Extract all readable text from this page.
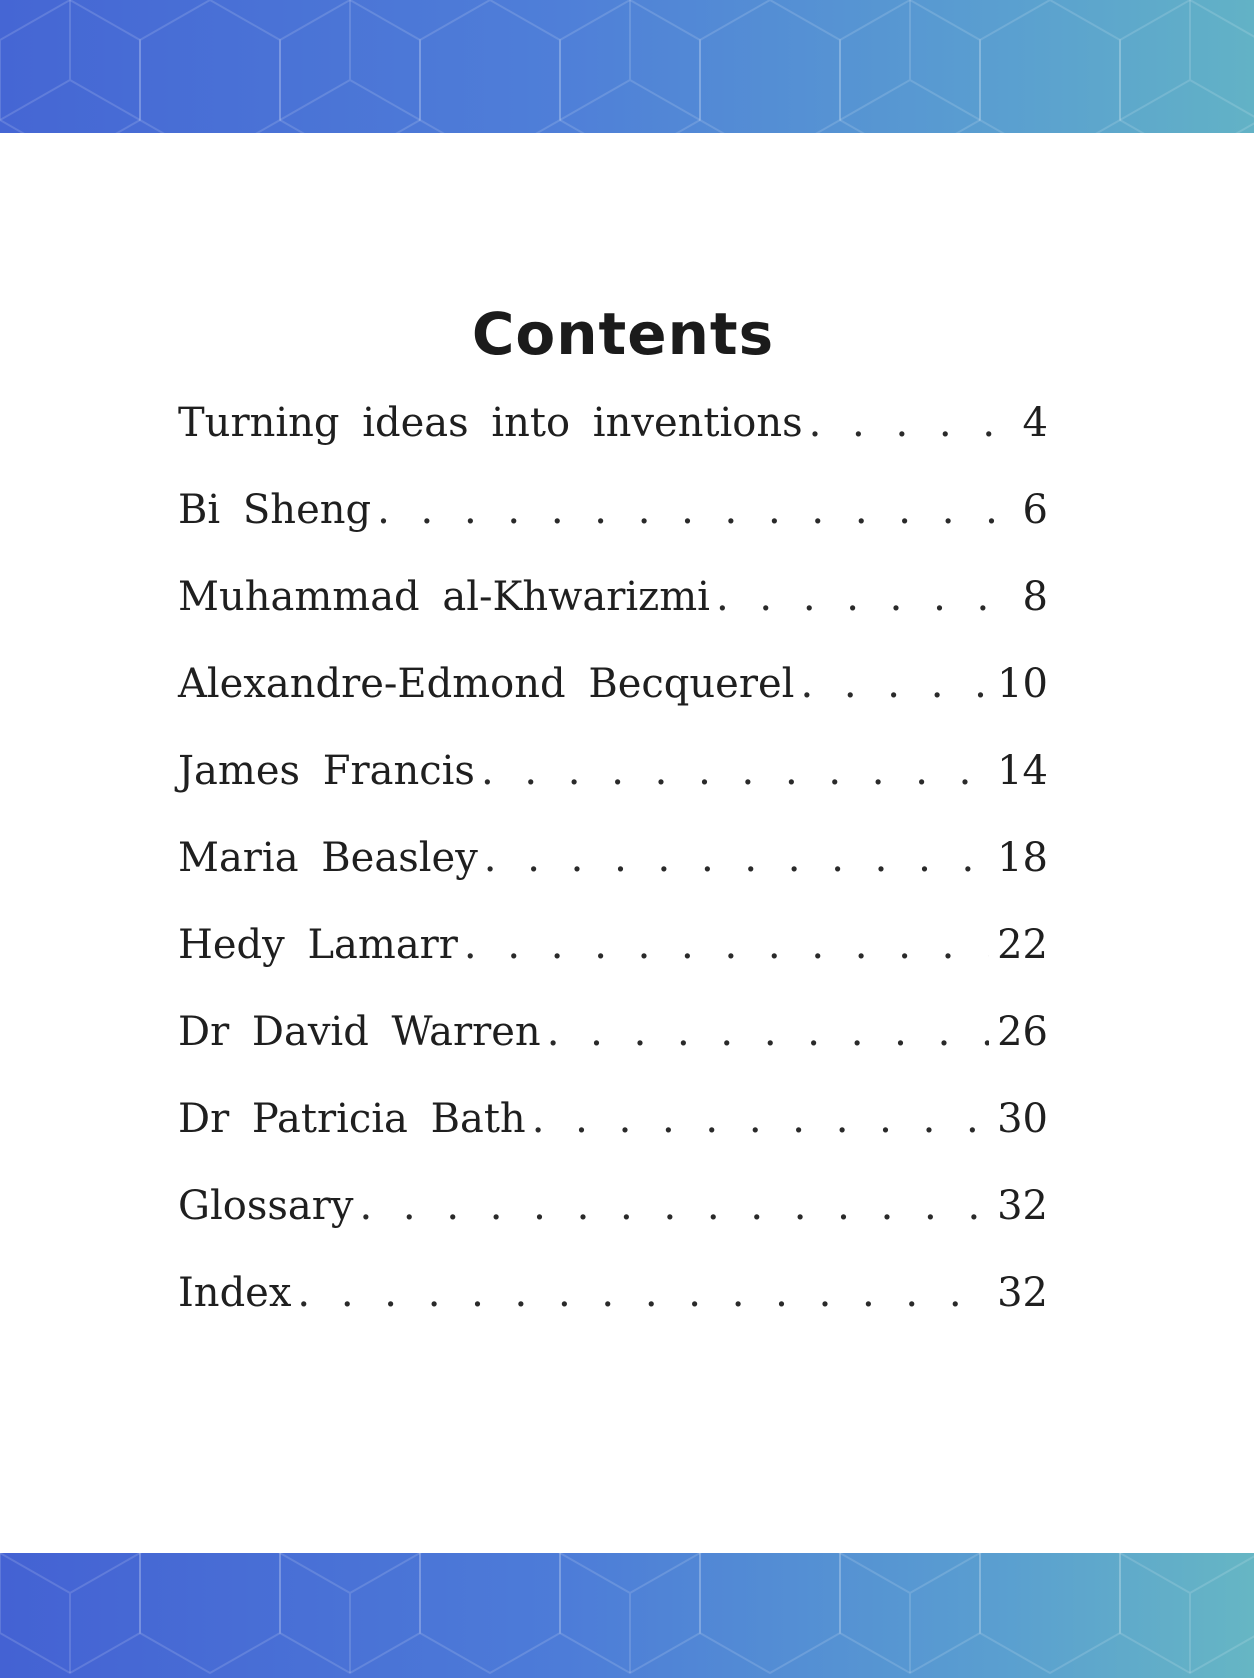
Contents
Turning ideas into inventions . . .	4
Bi Sheng . . .	6
Muhammad al-Khwarizmi . . .	8
Alexandre-Edmond Becquerel . . .	10
James Francis . . .	14
Maria Beasley . . .	18
Hedy Lamarr . . .	22
Dr David Warren . . .	26
Dr Patricia Bath . . .	30
Glossary . . .	32
Index . . .	32
